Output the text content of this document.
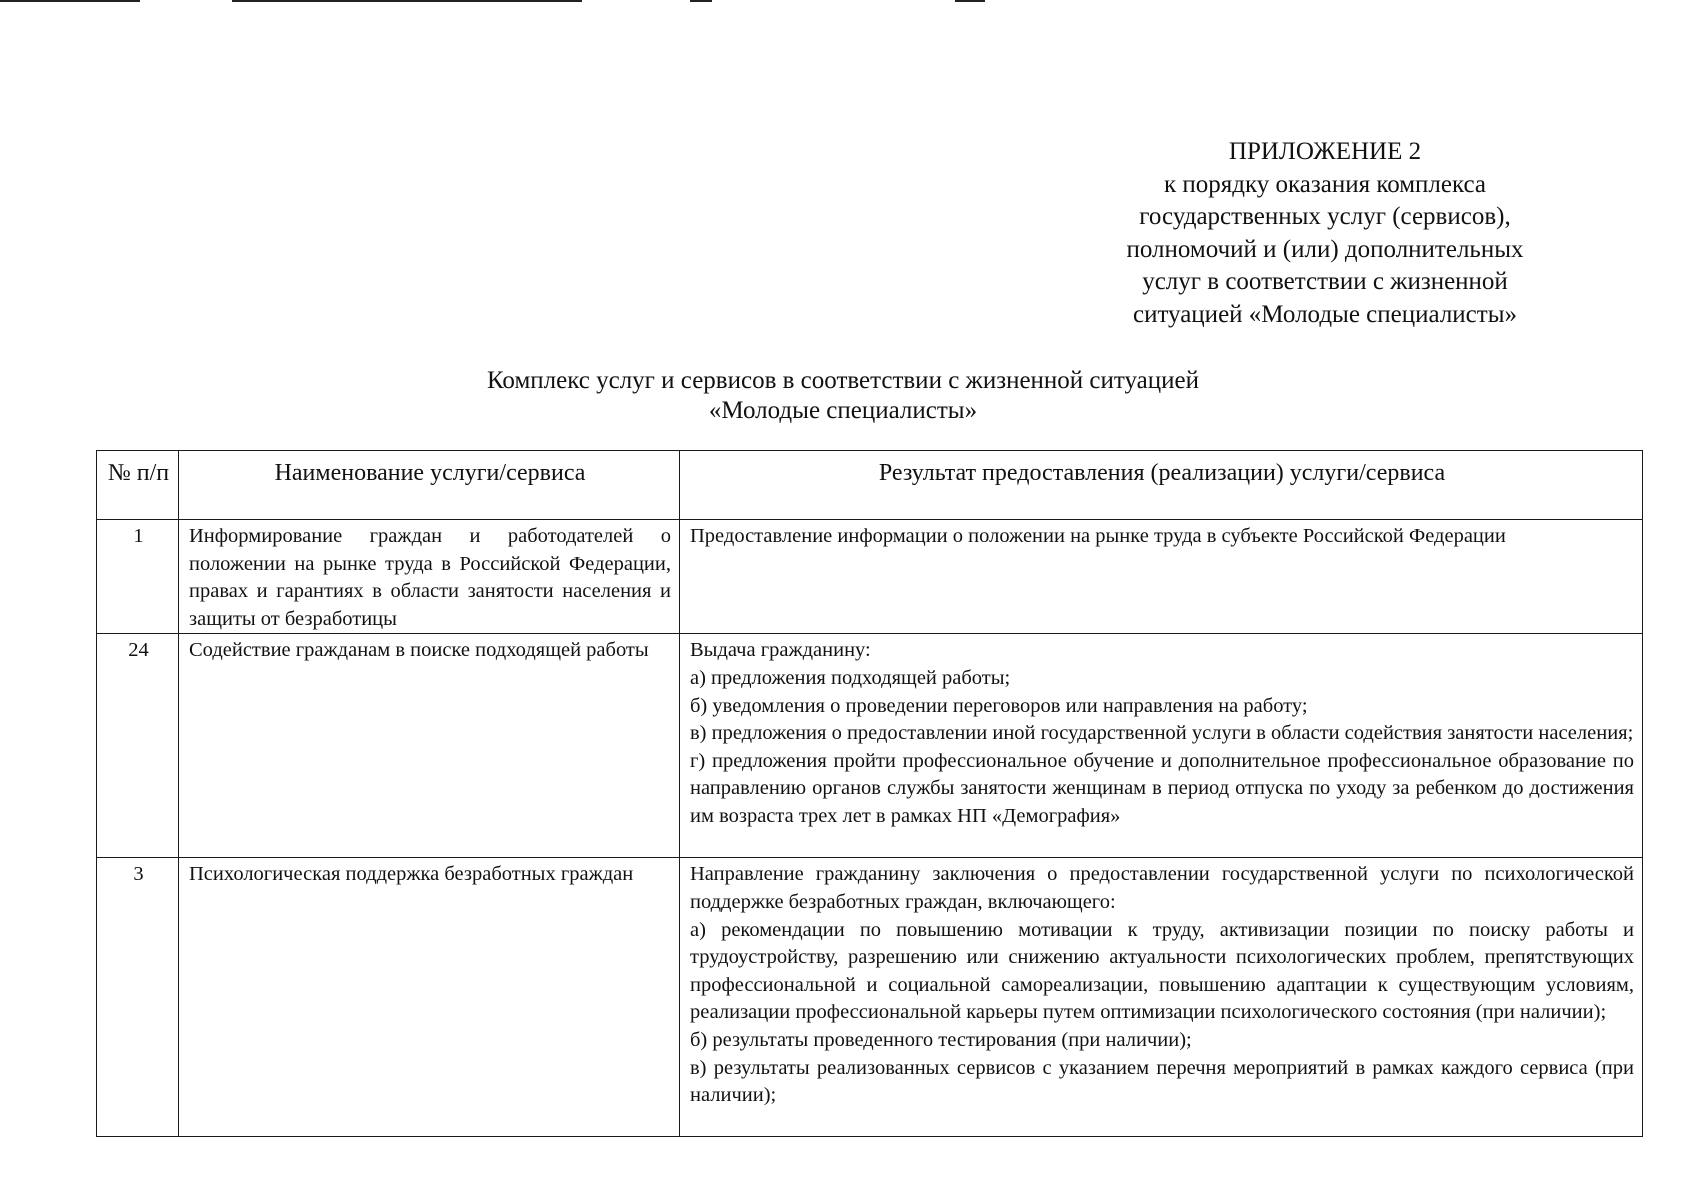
ПРИЛОЖЕНИЕ 2
к порядку оказания комплекса
государственных услуг (сервисов),
полномочий и (или) дополнительных
услуг в соответствии с жизненной
ситуацией «Молодые специалисты»
Комплекс услуг и сервисов в соответствии с жизненной ситуацией
«Молодые специалисты»
№ п/п	Наименование услуги/сервиса	Результат предоставления (реализации) услуги/сервиса
1	Информирование граждан и работодателей о положении на рынке труда в Российской Федерации, правах и гарантиях в области занятости населения и защиты от безработицы	Предоставление информации о положении на рынке труда в субъекте Российской Федерации

24	Содействие гражданам в поиске подходящей работы	Выдача гражданину:

а) предложения подходящей работы;

б) уведомления о проведении переговоров или направления на работу;

в) предложения о предоставлении иной государственной услуги в области содействия занятости населения;

г) предложения пройти профессиональное обучение и дополнительное профессиональное образование по направлению органов службы занятости женщинам в период отпуска по уходу за ребенком до достижения им возраста трех лет в рамках НП «Демография»

3	Психологическая поддержка безработных граждан	Направление гражданину заключения о предоставлении государственной услуги по психологической поддержке безработных граждан, включающего:

а) рекомендации по повышению мотивации к труду, активизации позиции по поиску работы и трудоустройству, разрешению или снижению актуальности психологических проблем, препятствующих профессиональной и социальной самореализации, повышению адаптации к существующим условиям, реализации профессиональной карьеры путем оптимизации психологического состояния (при наличии);

б) результаты проведенного тестирования (при наличии);

в) результаты реализованных сервисов с указанием перечня мероприятий в рамках каждого сервиса (при наличии);
